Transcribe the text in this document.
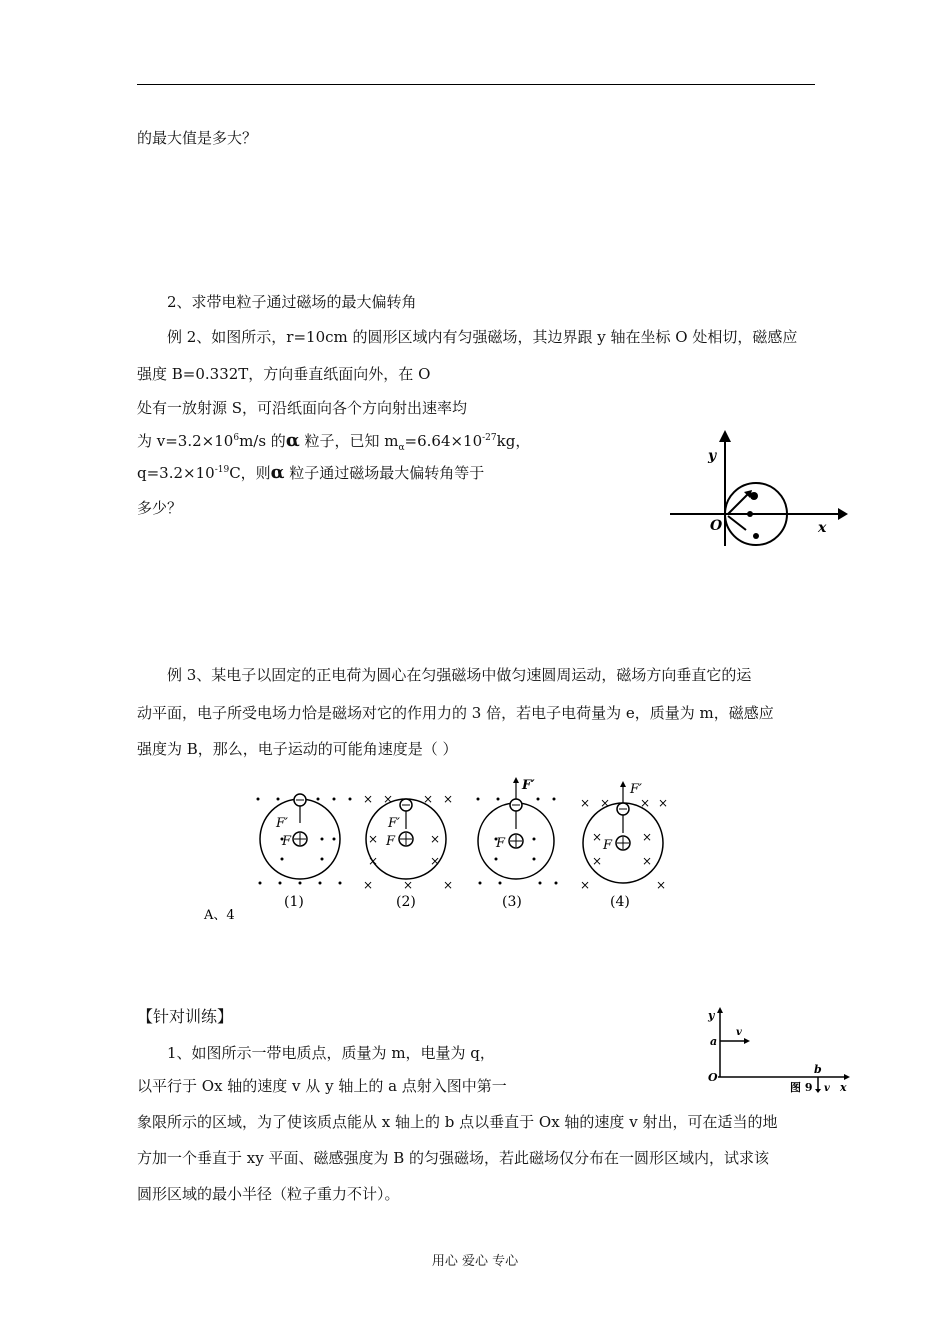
的最大值是多大？
2、求带电粒子通过磁场的最大偏转角
例 2、如图所示，r=10cm 的圆形区域内有匀强磁场，其边界跟 y 轴在坐标 O 处相切，磁感应
强度 B=0.332T，方向垂直纸面向外，在 O
处有一放射源 S，可沿纸面向各个方向射出速率均
为 $v=3.2\times 10^6m/s$ 的α 粒子，已知 $m_\alpha=6.64\times 10^{-27}kg$，
$q=3.2\times 10^{-19}C$，则α 粒子通过磁场最大偏转角等于
多少？
y
x
O
例 3、某电子以固定的正电荷为圆心在匀强磁场中做匀速圆周运动，磁场方向垂直它的运
动平面，电子所受电场力恰是磁场对它的作用力的 3 倍，若电子电荷量为 e，质量为 m，磁感应
强度为 B，那么，电子运动的可能角速度是（ ）
F′
F
(1)
× × × ×
×	×
×	×
× × ×
F′
F
(2)
F′
F
(3)
× × × ×
×	×
×	×
×	×
F′
F
(4)
A、4
【针对训练】
1、如图所示一带电质点，质量为 m，电量为 q，
以平行于 Ox 轴的速度 v 从 y 轴上的 a 点射入图中第一
象限所示的区域，为了使该质点能从 x 轴上的 b 点以垂直于 Ox 轴的速度 v 射出，可在适当的地
方加一个垂直于 xy 平面、磁感强度为 B 的匀强磁场，若此磁场仅分布在一圆形区域内，试求该
圆形区域的最小半径（粒子重力不计）。
y
x
O
a
v
b
v
图 9
用心 爱心 专心
